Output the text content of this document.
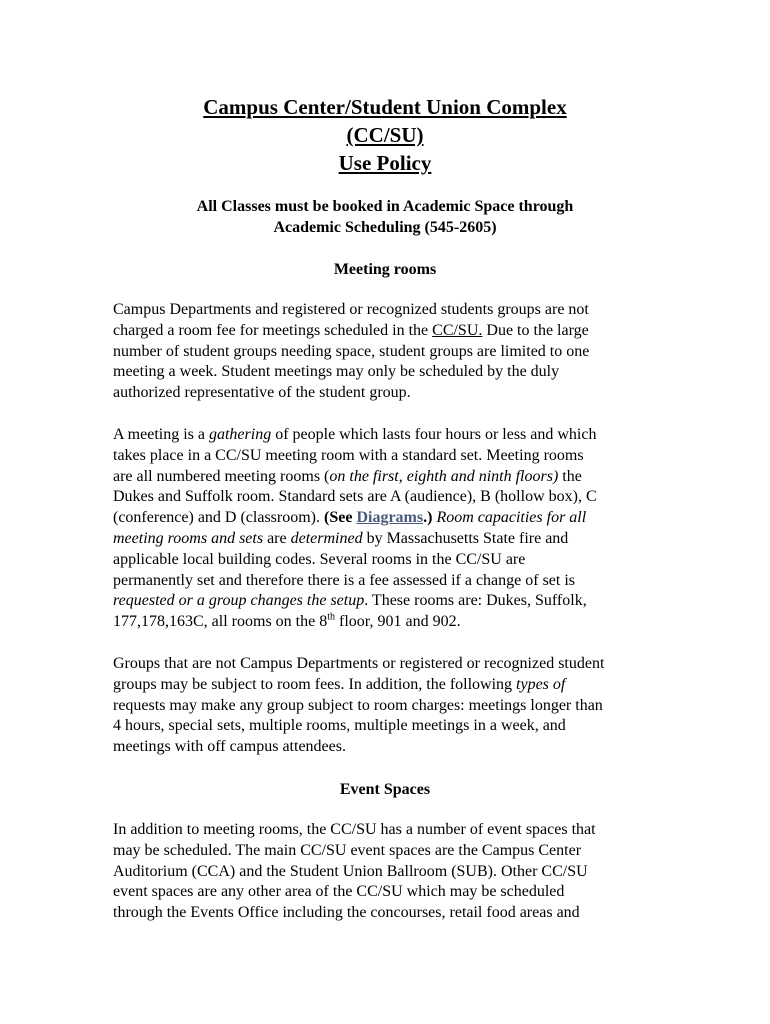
Campus Center/Student Union Complex
(CC/SU)
Use Policy
All Classes must be booked in Academic Space through
Academic Scheduling (545-2605)
Meeting rooms
Campus Departments and registered or recognized students groups are not
charged a room fee for meetings scheduled in the CC/SU. Due to the large
number of student groups needing space, student groups are limited to one
meeting a week. Student meetings may only be scheduled by the duly
authorized representative of the student group.
A meeting is a gathering of people which lasts four hours or less and which
takes place in a CC/SU meeting room with a standard set. Meeting rooms
are all numbered meeting rooms (on the first, eighth and ninth floors) the
Dukes and Suffolk room. Standard sets are A (audience), B (hollow box), C
(conference) and D (classroom). (See Diagrams.) Room capacities for all
meeting rooms and sets are determined by Massachusetts State fire and
applicable local building codes. Several rooms in the CC/SU are
permanently set and therefore there is a fee assessed if a change of set is
requested or a group changes the setup. These rooms are: Dukes, Suffolk,
177,178,163C, all rooms on the 8th floor, 901 and 902.
Groups that are not Campus Departments or registered or recognized student
groups may be subject to room fees. In addition, the following types of
requests may make any group subject to room charges: meetings longer than
4 hours, special sets, multiple rooms, multiple meetings in a week, and
meetings with off campus attendees.
Event Spaces
In addition to meeting rooms, the CC/SU has a number of event spaces that
may be scheduled. The main CC/SU event spaces are the Campus Center
Auditorium (CCA) and the Student Union Ballroom (SUB). Other CC/SU
event spaces are any other area of the CC/SU which may be scheduled
through the Events Office including the concourses, retail food areas and
